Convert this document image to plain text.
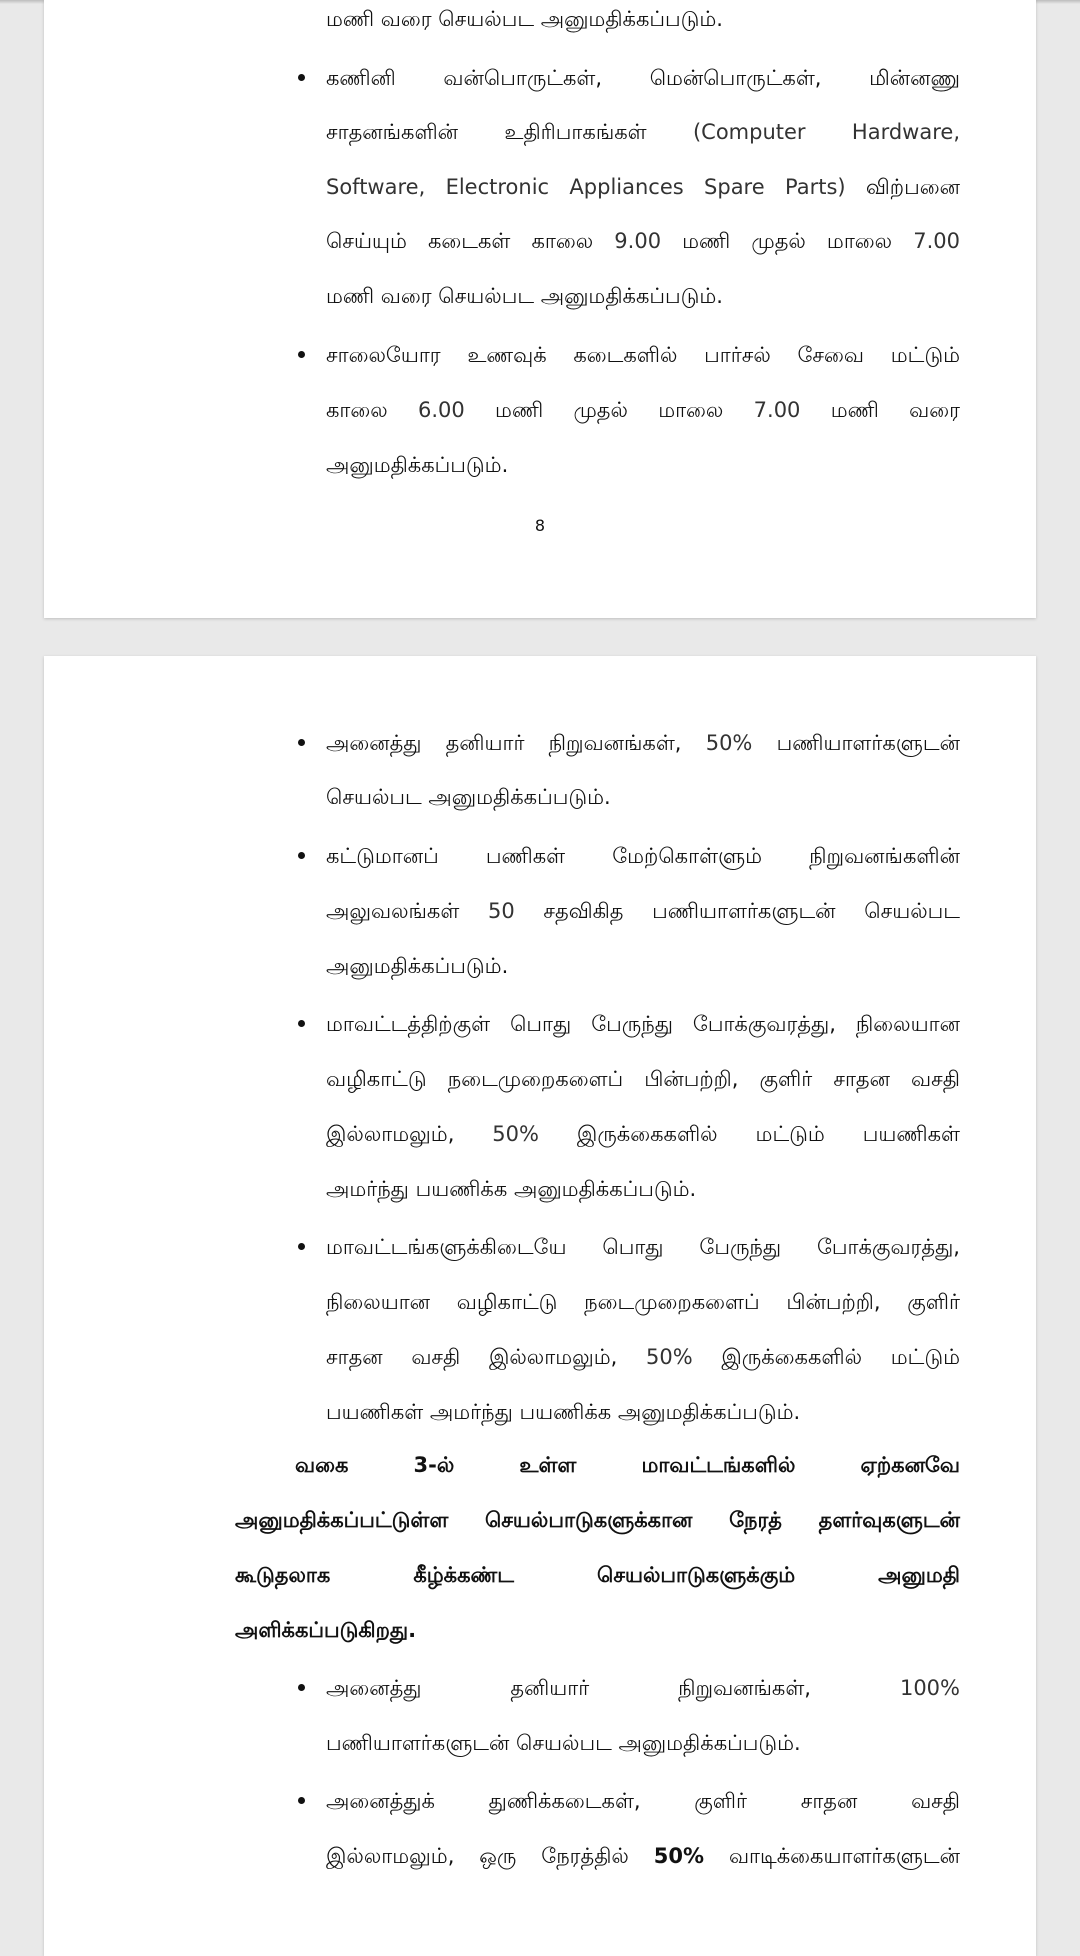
மணி வரை செயல்பட அனுமதிக்கப்படும்.
கணினி வன்பொருட்கள், மென்பொருட்கள், மின்னணு
சாதனங்களின் உதிரிபாகங்கள் (Computer Hardware,
Software, Electronic Appliances Spare Parts) விற்பனை
செய்யும் கடைகள் காலை 9.00 மணி முதல் மாலை 7.00
மணி வரை செயல்பட அனுமதிக்கப்படும்.
சாலையோர உணவுக் கடைகளில் பார்சல் சேவை மட்டும்
காலை 6.00 மணி முதல் மாலை 7.00 மணி வரை
அனுமதிக்கப்படும்.
8
அனைத்து தனியார் நிறுவனங்கள், 50% பணியாளர்களுடன்
செயல்பட அனுமதிக்கப்படும்.
கட்டுமானப் பணிகள் மேற்கொள்ளும் நிறுவனங்களின்
அலுவலங்கள் 50 சதவிகித பணியாளர்களுடன் செயல்பட
அனுமதிக்கப்படும்.
மாவட்டத்திற்குள் பொது பேருந்து போக்குவரத்து, நிலையான
வழிகாட்டு நடைமுறைகளைப் பின்பற்றி, குளிர் சாதன வசதி
இல்லாமலும், 50% இருக்கைகளில் மட்டும் பயணிகள்
அமர்ந்து பயணிக்க அனுமதிக்கப்படும்.
மாவட்டங்களுக்கிடையே பொது பேருந்து போக்குவரத்து,
நிலையான வழிகாட்டு நடைமுறைகளைப் பின்பற்றி, குளிர்
சாதன வசதி இல்லாமலும், 50% இருக்கைகளில் மட்டும்
பயணிகள் அமர்ந்து பயணிக்க அனுமதிக்கப்படும்.
வகை	3-ல்	உள்ள	மாவட்டங்களில்	ஏற்கனவே
அனுமதிக்கப்பட்டுள்ள செயல்பாடுகளுக்கான நேரத் தளர்வுகளுடன்
கூடுதலாக	கீழ்க்கண்ட	செயல்பாடுகளுக்கும்	அனுமதி
அளிக்கப்படுகிறது.
அனைத்து	தனியார்	நிறுவனங்கள்,	100%
பணியாளர்களுடன் செயல்பட அனுமதிக்கப்படும்.
அனைத்துக்	துணிக்கடைகள்,	குளிர்	சாதன	வசதி
இல்லாமலும், ஒரு நேரத்தில் 50% வாடிக்கையாளர்களுடன்
